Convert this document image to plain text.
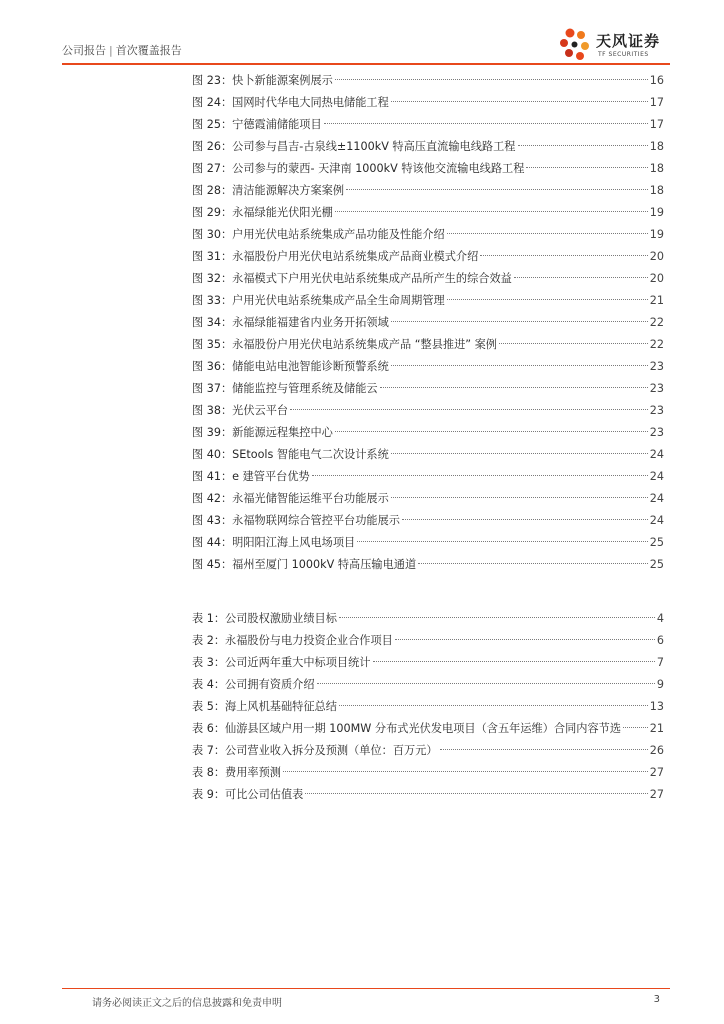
公司报告 | 首次覆盖报告
天风证券
TF SECURITIES
图 23：快卜新能源案例展示	16
图 24：国网时代华电大同热电储能工程	17
图 25：宁德霞浦储能项目	17
图 26：公司参与昌吉-古泉线±1100kV 特高压直流输电线路工程	18
图 27：公司参与的蒙西- 天津南 1000kV 特该他交流输电线路工程	18
图 28：清洁能源解决方案案例	18
图 29：永福绿能光伏阳光棚	19
图 30：户用光伏电站系统集成产品功能及性能介绍	19
图 31：永福股份户用光伏电站系统集成产品商业模式介绍	20
图 32：永福模式下户用光伏电站系统集成产品所产生的综合效益	20
图 33：户用光伏电站系统集成产品全生命周期管理	21
图 34：永福绿能福建省内业务开拓领域	22
图 35：永福股份户用光伏电站系统集成产品 “整县推进” 案例	22
图 36：储能电站电池智能诊断预警系统	23
图 37：储能监控与管理系统及储能云	23
图 38：光伏云平台	23
图 39：新能源远程集控中心	23
图 40：SEtools 智能电气二次设计系统	24
图 41：e 建管平台优势	24
图 42：永福光储智能运维平台功能展示	24
图 43：永福物联网综合管控平台功能展示	24
图 44：明阳阳江海上风电场项目	25
图 45：福州至厦门 1000kV 特高压输电通道	25
表 1：公司股权激励业绩目标	4
表 2：永福股份与电力投资企业合作项目	6
表 3：公司近两年重大中标项目统计	7
表 4：公司拥有资质介绍	9
表 5：海上风机基础特征总结	13
表 6：仙游县区域户用一期 100MW 分布式光伏发电项目（含五年运维）合同内容节选	21
表 7：公司营业收入拆分及预测（单位：百万元）	26
表 8：费用率预测	27
表 9：可比公司估值表	27
请务必阅读正文之后的信息披露和免责申明	3
